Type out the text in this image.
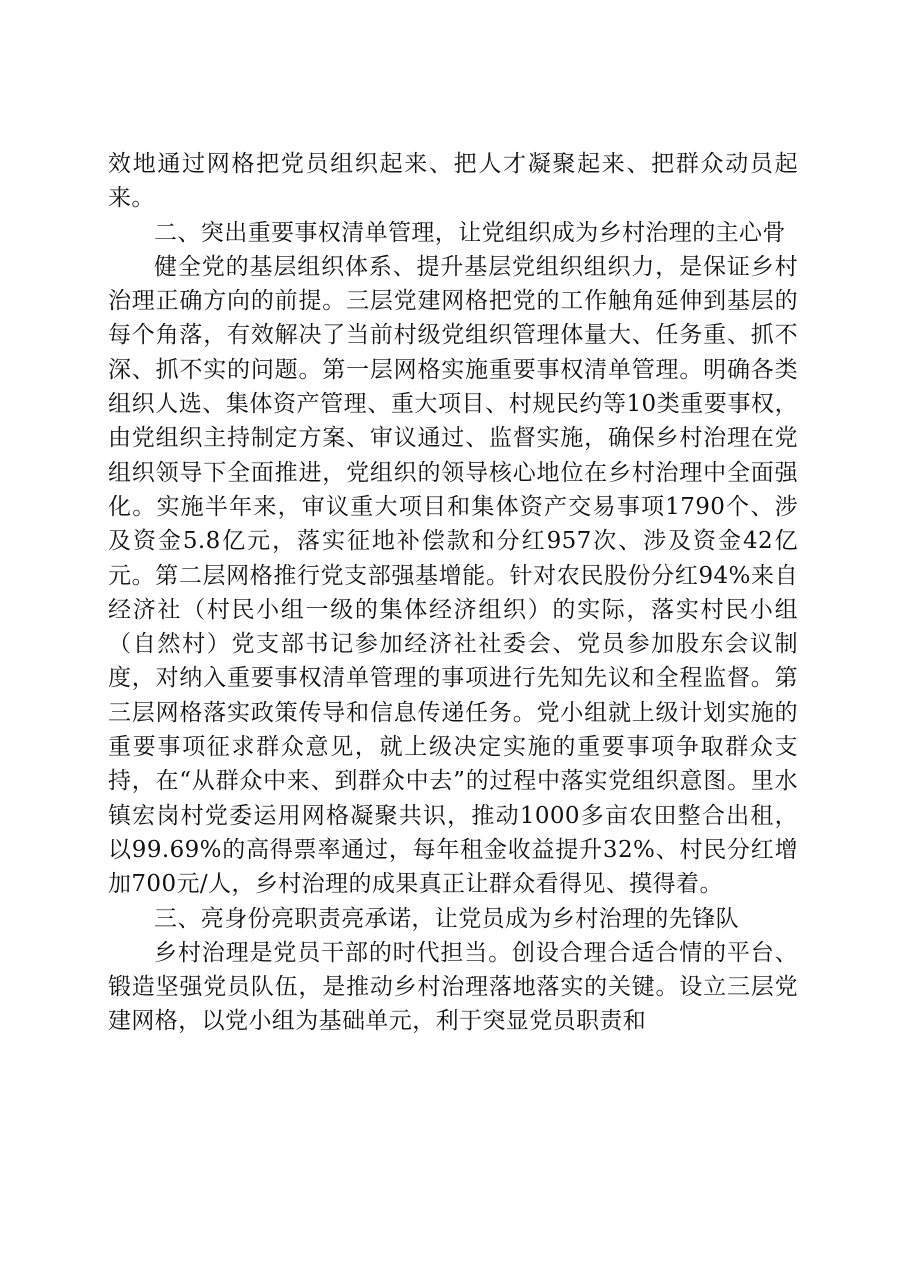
效地通过网格把党员组织起来、把人才凝聚起来、把群众动员起来。

二、突出重要事权清单管理，让党组织成为乡村治理的主心骨

健全党的基层组织体系、提升基层党组织组织力，是保证乡村治理正确方向的前提。三层党建网格把党的工作触角延伸到基层的每个角落，有效解决了当前村级党组织管理体量大、任务重、抓不深、抓不实的问题。第一层网格实施重要事权清单管理。明确各类组织人选、集体资产管理、重大项目、村规民约等10类重要事权，由党组织主持制定方案、审议通过、监督实施，确保乡村治理在党组织领导下全面推进，党组织的领导核心地位在乡村治理中全面强化。实施半年来，审议重大项目和集体资产交易事项1790个、涉及资金5.8亿元，落实征地补偿款和分红957次、涉及资金42亿元。第二层网格推行党支部强基增能。针对农民股份分红94%来自经济社（村民小组一级的集体经济组织）的实际，落实村民小组（自然村）党支部书记参加经济社社委会、党员参加股东会议制度，对纳入重要事权清单管理的事项进行先知先议和全程监督。第三层网格落实政策传导和信息传递任务。党小组就上级计划实施的重要事项征求群众意见，就上级决定实施的重要事项争取群众支持，在“从群众中来、到群众中去”的过程中落实党组织意图。里水镇宏岗村党委运用网格凝聚共识，推动1000多亩农田整合出租，以99.69%的高得票率通过，每年租金收益提升32%、村民分红增加700元/人，乡村治理的成果真正让群众看得见、摸得着。

三、亮身份亮职责亮承诺，让党员成为乡村治理的先锋队

乡村治理是党员干部的时代担当。创设合理合适合情的平台、锻造坚强党员队伍，是推动乡村治理落地落实的关键。设立三层党建网格，以党小组为基础单元，利于突显党员职责和
